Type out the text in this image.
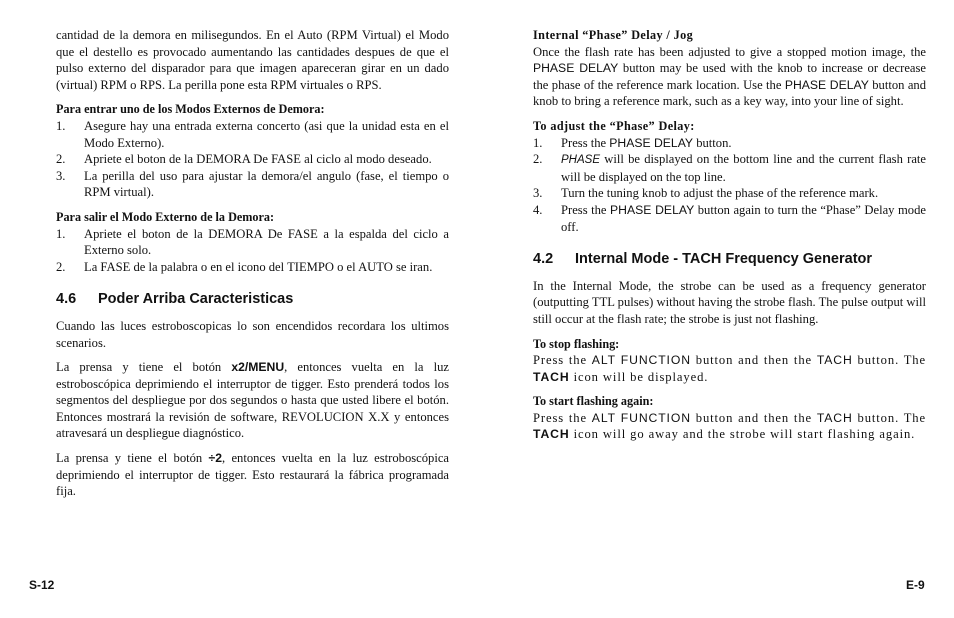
cantidad de la demora en milisegundos. En el Auto (RPM Virtual) el Modo que el destello es provocado aumentando las cantidades despues de que el pulso externo del disparador para que imagen apareceran girar en un dado (virtual) RPM o RPS. La perilla pone esta RPM virtuales o RPS.

Para entrar uno de los Modos Externos de Demora:
1. Asegure hay una entrada externa concerto (asi que la unidad esta en el Modo Externo).
2. Apriete el boton de la DEMORA De FASE al ciclo al modo deseado.
3. La perilla del uso para ajustar la demora/el angulo (fase, el tiempo o RPM virtual).
Para salir el Modo Externo de la Demora:
1. Apriete el boton de la DEMORA De FASE a la espalda del ciclo a Externo solo.
2. La FASE de la palabra o en el icono del TIEMPO o el AUTO se iran.
4.6 Poder Arriba Caracteristicas

Cuando las luces estroboscopicas lo son encendidos recordara los ultimos scenarios.

La prensa y tiene el botón x2/MENU, entonces vuelta en la luz estroboscópica deprimiendo el interruptor de tigger. Esto prenderá todos los segmentos del despliegue por dos segundos o hasta que usted libere el botón. Entonces mostrará la revisión de software, REVOLUCION X.X y entonces atravesará un despliegue diagnóstico.

La prensa y tiene el botón ÷2, entonces vuelta en la luz estroboscópica deprimiendo el interruptor de tigger. Esto restaurará la fábrica programada fija.

Internal “Phase” Delay / Jog

Once the flash rate has been adjusted to give a stopped motion image, the PHASE DELAY button may be used with the knob to increase or decrease the phase of the reference mark location. Use the PHASE DELAY button and knob to bring a reference mark, such as a key way, into your line of sight.

To adjust the “Phase” Delay:
1. Press the PHASE DELAY button.
2. PHASE will be displayed on the bottom line and the current flash rate will be displayed on the top line.
3. Turn the tuning knob to adjust the phase of the reference mark.
4. Press the PHASE DELAY button again to turn the “Phase” Delay mode off.
4.2 Internal Mode - TACH Frequency Generator

In the Internal Mode, the strobe can be used as a frequency generator (outputting TTL pulses) without having the strobe flash. The pulse output will still occur at the flash rate; the strobe is just not flashing.

To stop flashing:

Press the ALT FUNCTION button and then the TACH button. The TACH icon will be displayed.

To start flashing again:

Press the ALT FUNCTION button and then the TACH button. The TACH icon will go away and the strobe will start flashing again.

S-12	E-9
